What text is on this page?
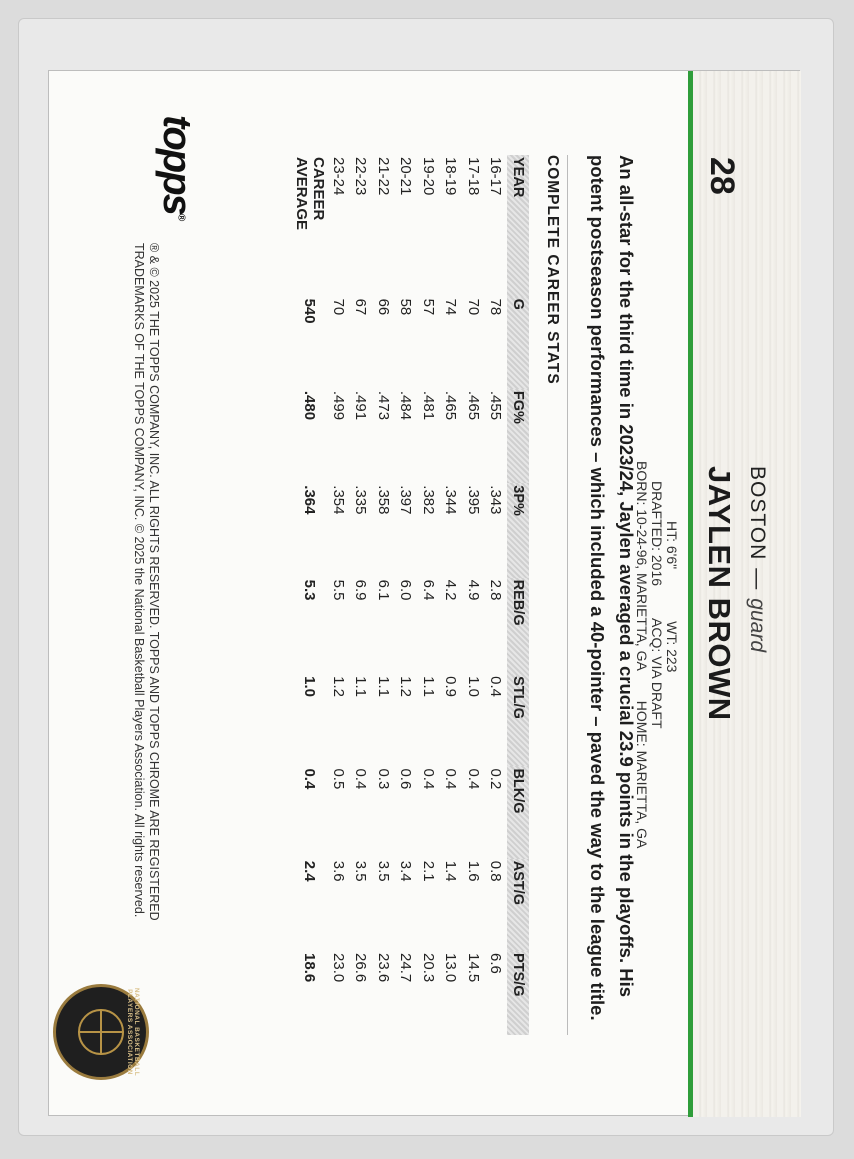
28
JAYLEN BROWN BOSTON—guard
HT: 6'6"
WT: 223
DRAFTED: 2016
ACQ: VIA DRAFT
BORN: 10-24-96, MARIETTA, GA
HOME: MARIETTA, GA
An all-star for the third time in 2023/24, Jaylen averaged a crucial 23.9 points in the playoffs. His
potent postseason performances – which included a 40-pointer – paved the way to the league title.
COMPLETE CAREER STATS
YEAR	G	FG%	3P%	REB/G	STL/G	BLK/G	AST/G	PTS/G
16-17	78	.455	.343	2.8	0.4	0.2	0.8	6.6
17-18	70	.465	.395	4.9	1.0	0.4	1.6	14.5
18-19	74	.465	.344	4.2	0.9	0.4	1.4	13.0
19-20	57	.481	.382	6.4	1.1	0.4	2.1	20.3
20-21	58	.484	.397	6.0	1.2	0.6	3.4	24.7
21-22	66	.473	.358	6.1	1.1	0.3	3.5	23.6
22-23	67	.491	.335	6.9	1.1	0.4	3.5	26.6
23-24	70	.499	.354	5.5	1.2	0.5	3.6	23.0
CAREER AVERAGE	540	.480	.364	5.3	1.0	0.4	2.4	18.6
topps®
® & © 2025 THE TOPPS COMPANY, INC. ALL RIGHTS RESERVED. TOPPS AND TOPPS CHROME ARE REGISTERED
TRADEMARKS OF THE TOPPS COMPANY, INC. © 2025 the National Basketball Players Association. All rights reserved.
NATIONAL BASKETBALL PLAYERS ASSOCIATION
